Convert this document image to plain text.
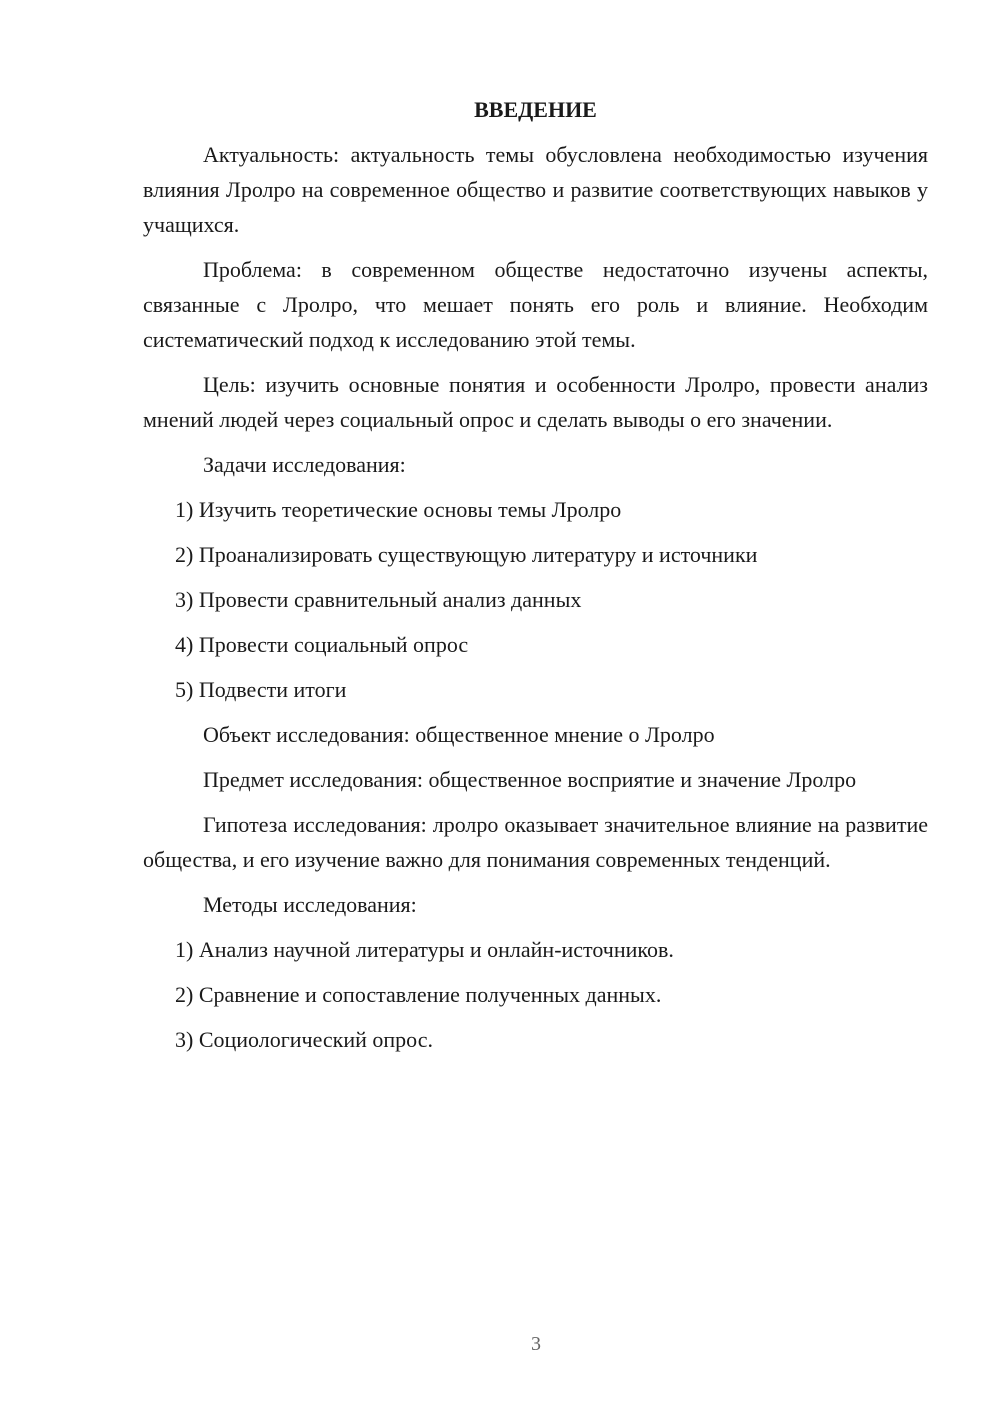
ВВЕДЕНИЕ

Актуальность: актуальность темы обусловлена необходимостью изучения влияния Лролро на современное общество и развитие соответствующих навыков у учащихся.

Проблема: в современном обществе недостаточно изучены аспекты, связанные с Лролро, что мешает понять его роль и влияние. Необходим систематический подход к исследованию этой темы.

Цель: изучить основные понятия и особенности Лролро, провести анализ мнений людей через социальный опрос и сделать выводы о его значении.

Задачи исследования:

1) Изучить теоретические основы темы Лролро
2) Проанализировать существующую литературу и источники
3) Провести сравнительный анализ данных
4) Провести социальный опрос
5) Подвести итоги

Объект исследования: общественное мнение о Лролро

Предмет исследования: общественное восприятие и значение Лролро

Гипотеза исследования: лролро оказывает значительное влияние на развитие общества, и его изучение важно для понимания современных тенденций.

Методы исследования:

1) Анализ научной литературы и онлайн-источников.
2) Сравнение и сопоставление полученных данных.
3) Социологический опрос.
3
